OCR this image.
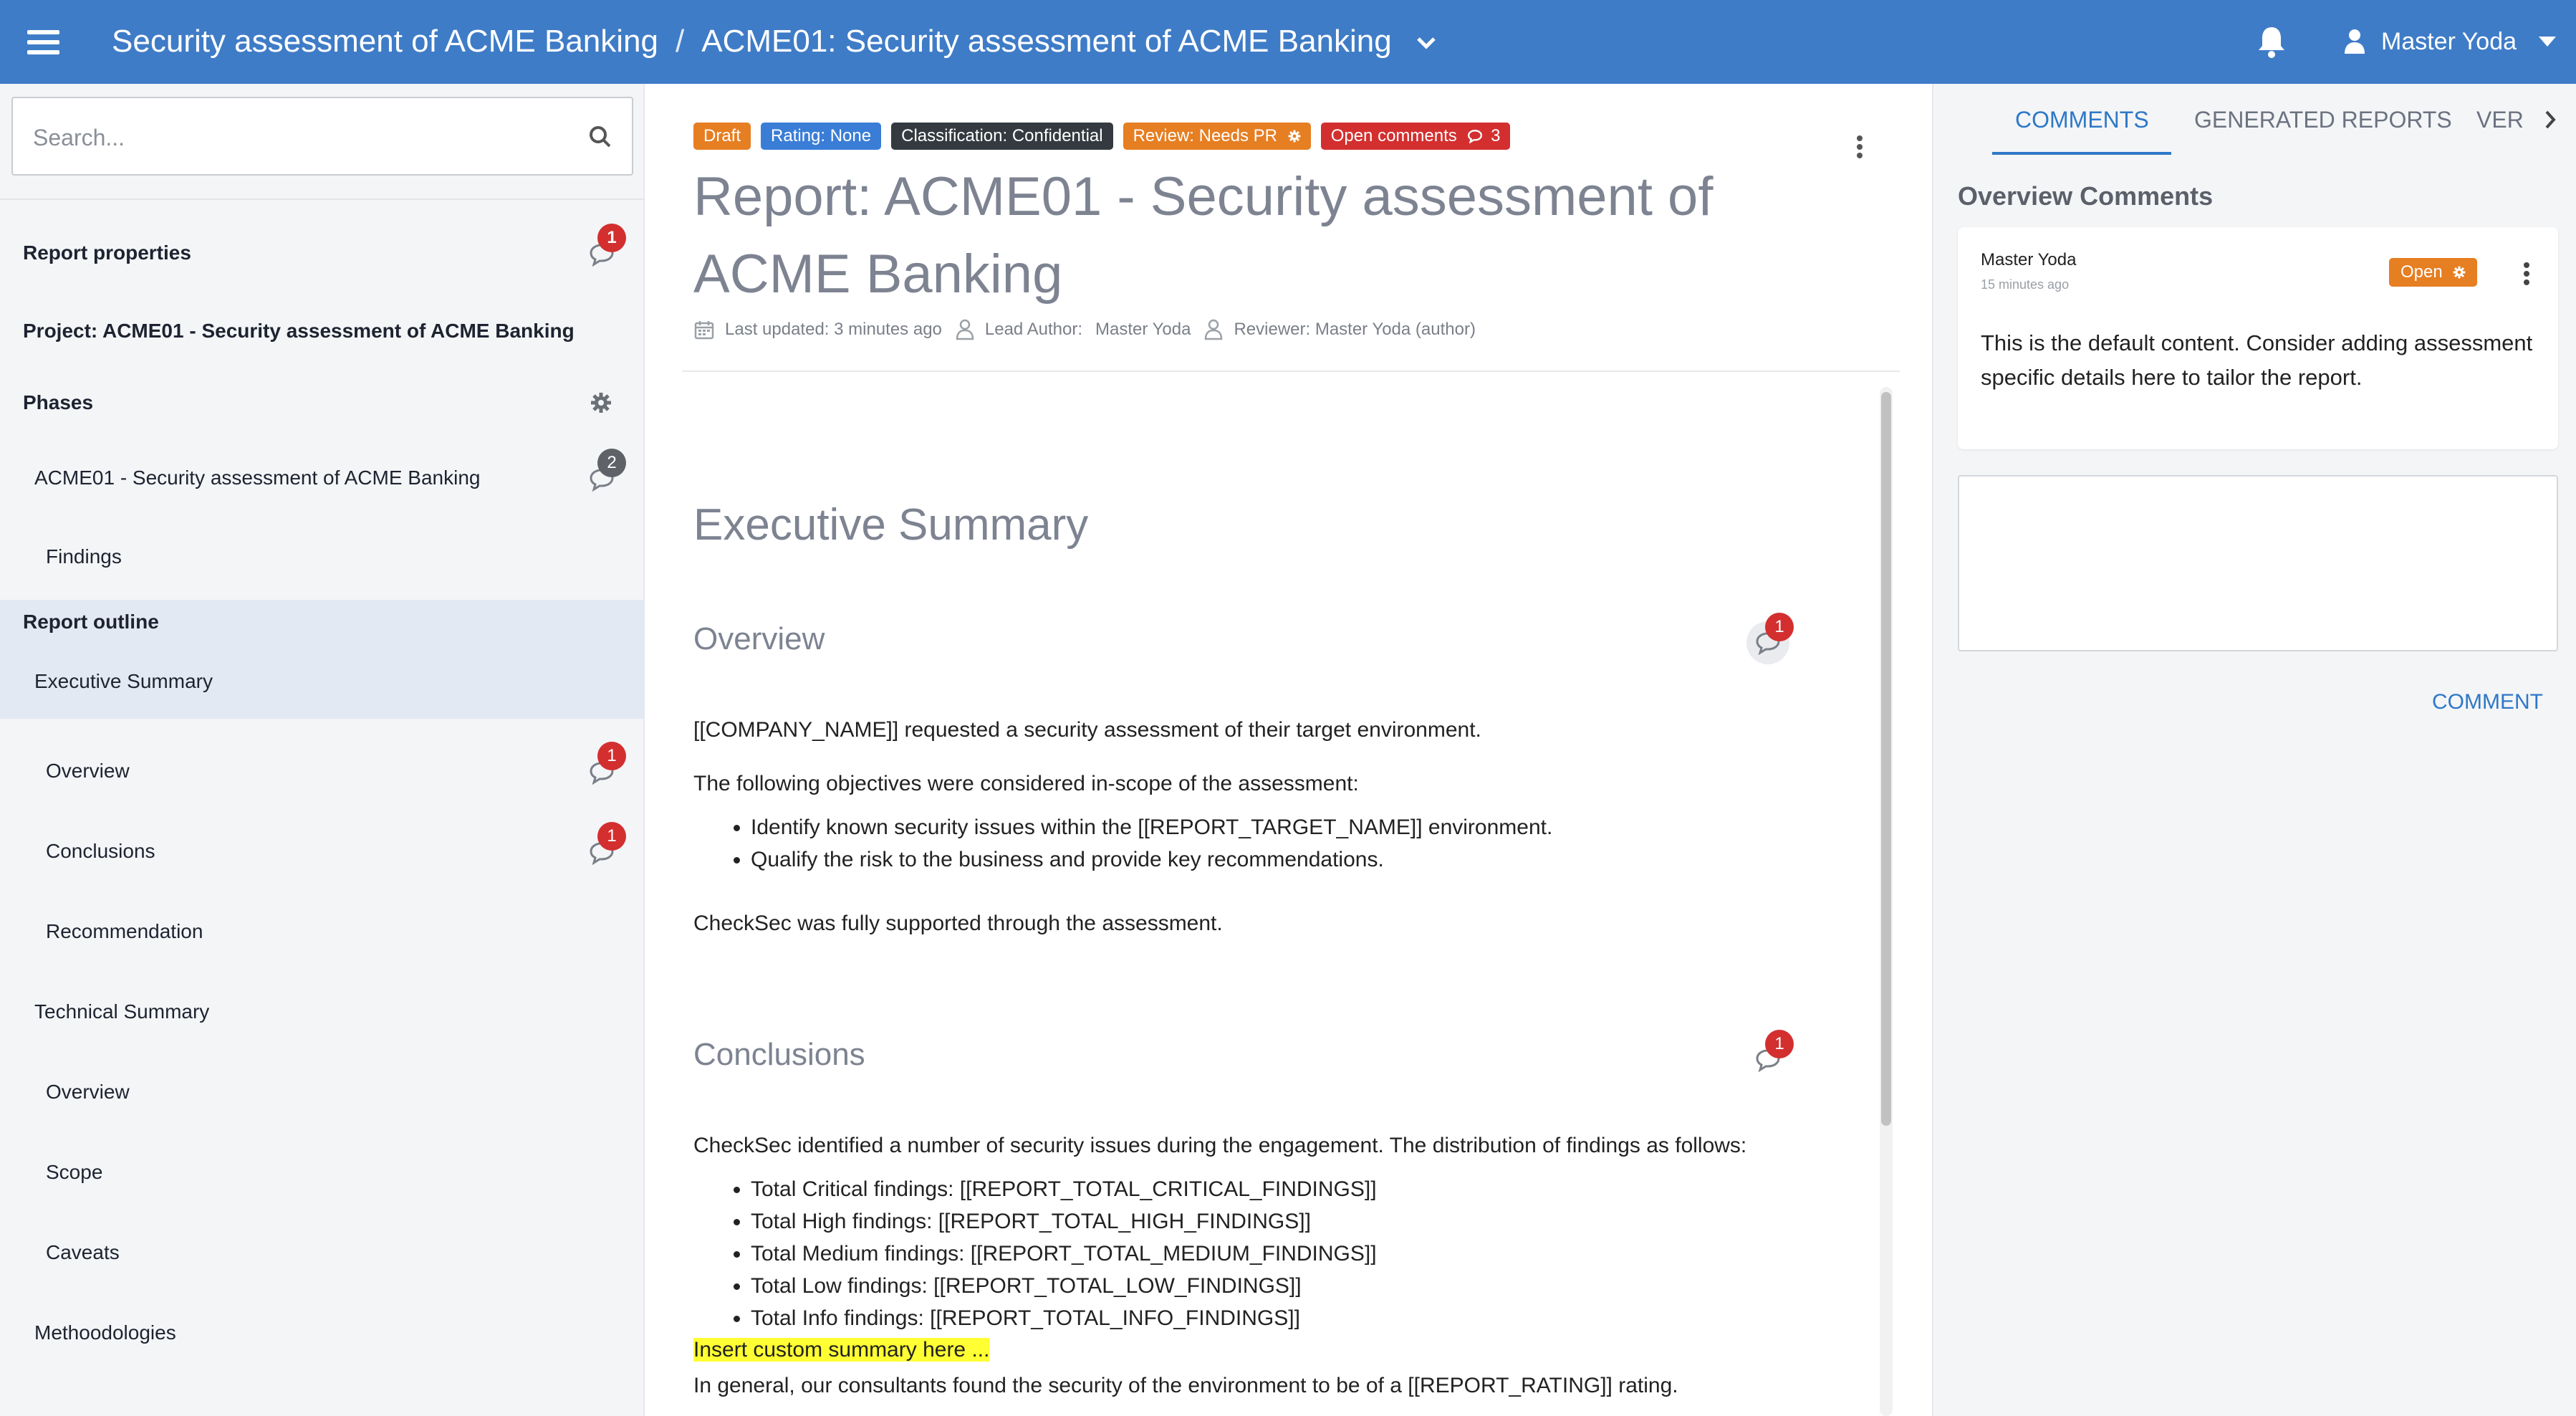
Security assessment of ACME Banking / ACME01: Security assessment of ACME Banking	Master Yoda
Search...
Report properties
1
Project: ACME01 - Security assessment of ACME Banking
Phases
ACME01 - Security assessment of ACME Banking
2
Findings
Report outline
Executive Summary
Overview
1
Conclusions
1
Recommendation
Technical Summary
Overview
Scope
Caveats
Methoodologies
Draft	Rating: None	Classification: Confidential	Review: Needs PR	Open comments 3
Report: ACME01 - Security assessment of ACME Banking
Last updated: 3 minutes ago	Lead Author: Master Yoda	Reviewer: Master Yoda (author)
Executive Summary
Overview	1

[[COMPANY_NAME]] requested a security assessment of their target environment.

The following objectives were considered in-scope of the assessment:

• Identify known security issues within the [[REPORT_TARGET_NAME]] environment.
• Qualify the risk to the business and provide key recommendations.

CheckSec was fully supported through the assessment.

Conclusions	1

CheckSec identified a number of security issues during the engagement. The distribution of findings as follows:

• Total Critical findings: [[REPORT_TOTAL_CRITICAL_FINDINGS]]
• Total High findings: [[REPORT_TOTAL_HIGH_FINDINGS]]
• Total Medium findings: [[REPORT_TOTAL_MEDIUM_FINDINGS]]
• Total Low findings: [[REPORT_TOTAL_LOW_FINDINGS]]
• Total Info findings: [[REPORT_TOTAL_INFO_FINDINGS]]

In general, our consultants found the security of the environment to be of a [[REPORT_RATING]] rating.

Insert custom summary here ...

COMMENTS GENERATED REPORTS VER
Overview Comments
Master Yoda
15 minutes ago
Open

This is the default content. Consider adding assessment specific details here to tailor the report.

COMMENT
